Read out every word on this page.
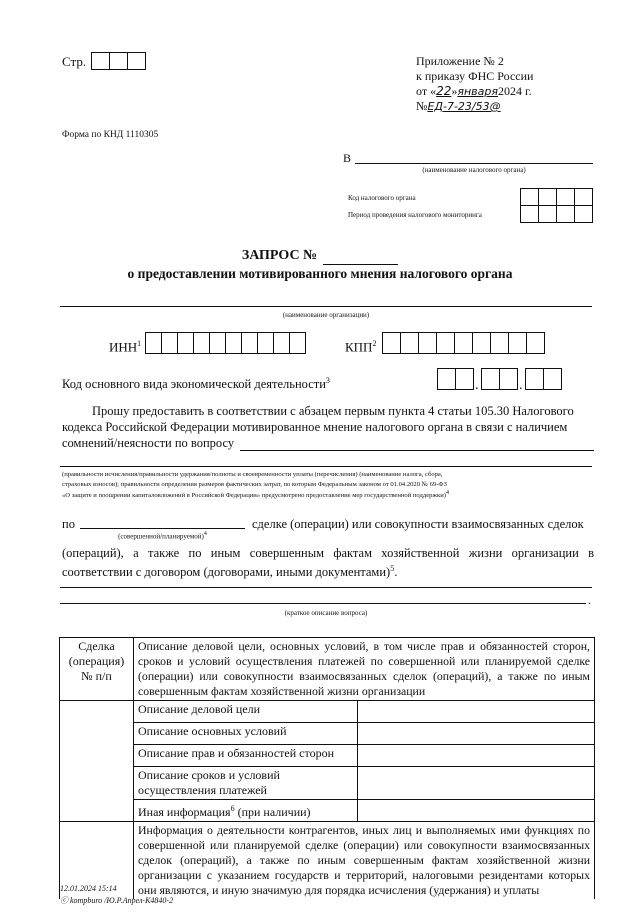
Стр.	Приложение № 2
к приказу ФНС России
от «22»января2024 г.
№ЕД-7-23/53@
Форма по КНД 1110305
В
(наименование налогового органа)
Код налогового органа
Период проведения налогового мониторинга
ЗАПРОС №
о предоставлении мотивированного мнения налогового органа
(наименование организации)
ИНН$^1$	КПП$^2$
Код основного вида экономической деятельности$^3$	.	.
Прошу предоставить в соответствии с абзацем первым пункта 4 статьи 105.30 Налогового
кодекса Российской Федерации мотивированное мнение налогового органа в связи с наличием
сомнений/неясности по вопросу
(правильности исчисления/правильности удержания/полноты и своевременности уплаты (перечисления) (наименование налога, сбора,
страховых взносов); правильности определения размеров фактических затрат, по которым Федеральным законом от 01.04.2020 № 69-ФЗ
«О защите и поощрении капиталовложений в Российской Федерации» предусмотрено предоставление мер государственной поддержки)$^4$
по
(совершенной/планируемой)$^4$
сделке (операции) или совокупности взаимосвязанных сделок
(операций), а также по иным совершенным фактам хозяйственной жизни организации в
соответствии с договором (договорами, иными документами)$^5$.
.
(краткое описание вопроса)
Сделка (операция) № п/п	Описание деловой цели, основных условий, в том числе прав и обязанностей сторон, сроков и условий осуществления платежей по совершенной или планируемой сделке (операции) или совокупности взаимосвязанных сделок (операций), а также по иным совершенным фактам хозяйственной жизни организации	
	Описание деловой цели	
	Описание основных условий	
	Описание прав и обязанностей сторон	
	Описание сроков и условий осуществления платежей	
	Иная информация$^6$ (при наличии)	
	Информация о деятельности контрагентов, иных лиц и выполняемых ими функциях по совершенной или планируемой сделке (операции) или совокупности взаимосвязанных сделок (операций), а также по иным совершенным фактам хозяйственной жизни организации с указанием государств и территорий, налоговыми резидентами которых они являются, и иную значимую для порядка исчисления (удержания) и уплаты	
12.01.2024 15:14
ⓒ kompburo /Ю.Р.Апрел-К4840-2
